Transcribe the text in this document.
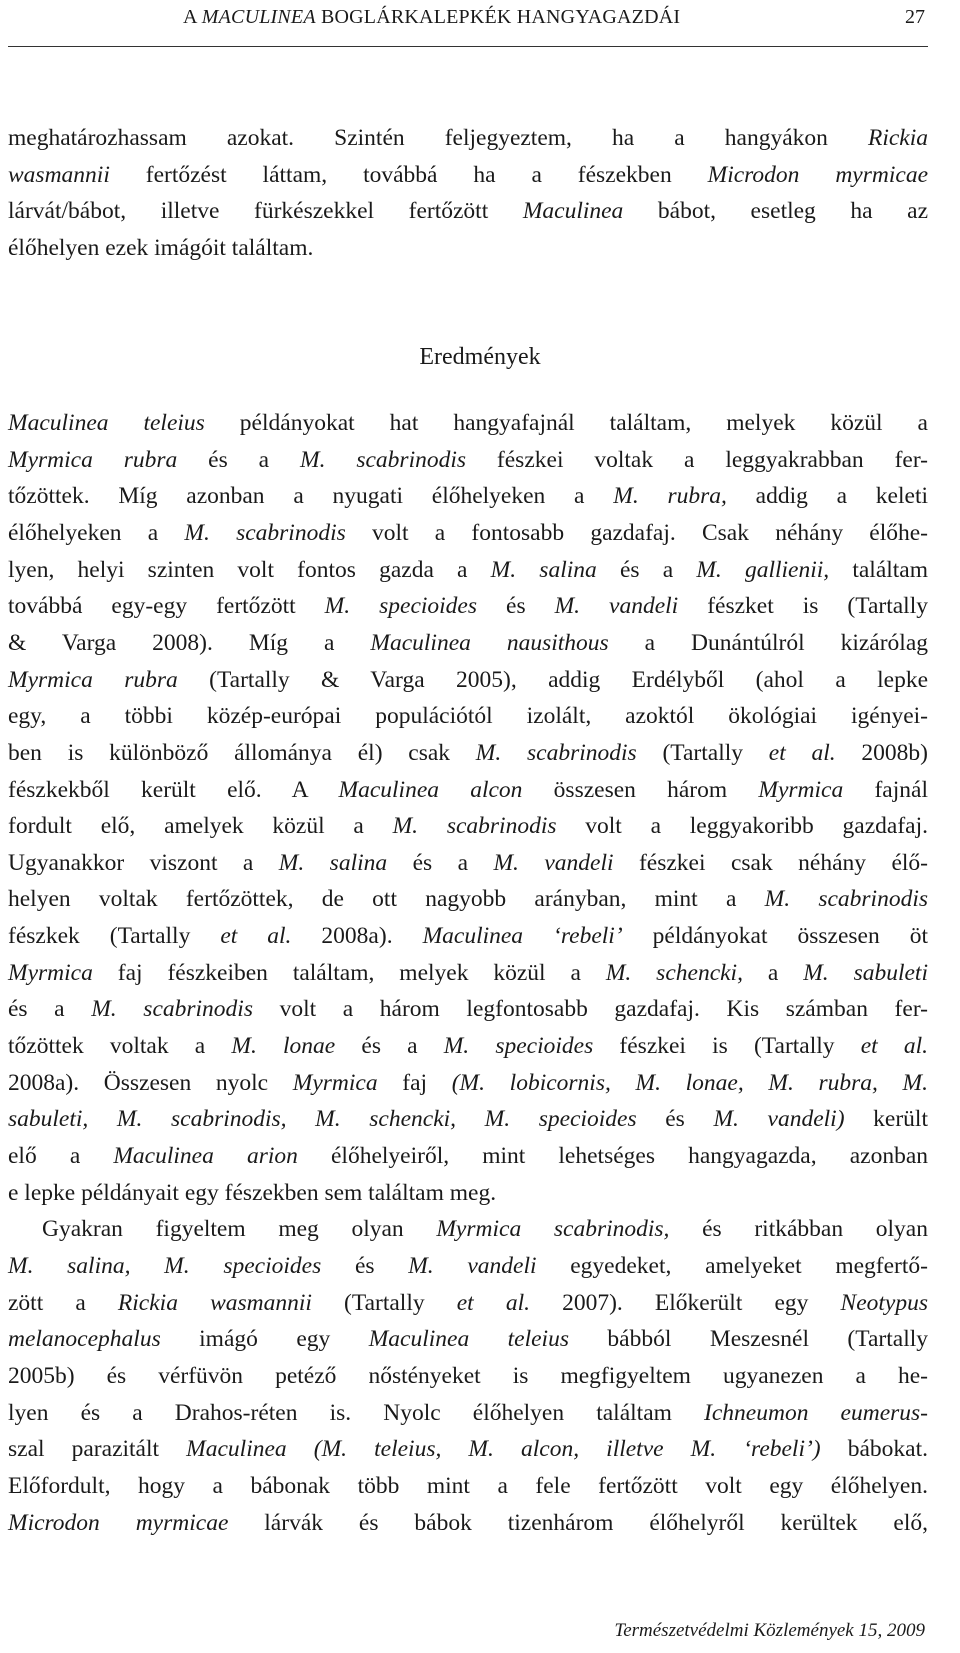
A MACULINEA BOGLÁRKALEPKÉK HANGYAGAZDÁI	27
meghatározhassam azokat. Szintén feljegyeztem, ha a hangyákon Rickia
wasmannii fertőzést láttam, továbbá ha a fészekben Microdon myrmicae
lárvát/bábot, illetve fürkészekkel fertőzött Maculinea bábot, esetleg ha az
élőhelyen ezek imágóit találtam.
Eredmények
Maculinea teleius példányokat hat hangyafajnál találtam, melyek közül a
Myrmica rubra és a M. scabrinodis fészkei voltak a leggyakrabban fer-
tőzöttek. Míg azonban a nyugati élőhelyeken a M. rubra, addig a keleti
élőhelyeken a M. scabrinodis volt a fontosabb gazdafaj. Csak néhány élőhe-
lyen, helyi szinten volt fontos gazda a M. salina és a M. gallienii, találtam
továbbá egy-egy fertőzött M. specioides és M. vandeli fészket is (Tartally
& Varga 2008). Míg a Maculinea nausithous a Dunántúlról kizárólag
Myrmica rubra (Tartally & Varga 2005), addig Erdélyből (ahol a lepke
egy, a többi közép-európai populációtól izolált, azoktól ökológiai igényei-
ben is különböző állománya él) csak M. scabrinodis (Tartally et al. 2008b)
fészkekből került elő. A Maculinea alcon összesen három Myrmica fajnál
fordult elő, amelyek közül a M. scabrinodis volt a leggyakoribb gazdafaj.
Ugyanakkor viszont a M. salina és a M. vandeli fészkei csak néhány élő-
helyen voltak fertőzöttek, de ott nagyobb arányban, mint a M. scabrinodis
fészkek (Tartally et al. 2008a). Maculinea ‘rebeli’ példányokat összesen öt
Myrmica faj fészkeiben találtam, melyek közül a M. schencki, a M. sabuleti
és a M. scabrinodis volt a három legfontosabb gazdafaj. Kis számban fer-
tőzöttek voltak a M. lonae és a M. specioides fészkei is (Tartally et al.
2008a). Összesen nyolc Myrmica faj (M. lobicornis, M. lonae, M. rubra, M.
sabuleti, M. scabrinodis, M. schencki, M. specioides és M. vandeli) került
elő a Maculinea arion élőhelyeiről, mint lehetséges hangyagazda, azonban
e lepke példányait egy fészekben sem találtam meg.
Gyakran figyeltem meg olyan Myrmica scabrinodis, és ritkábban olyan
M. salina, M. specioides és M. vandeli egyedeket, amelyeket megfertő-
zött a Rickia wasmannii (Tartally et al. 2007). Előkerült egy Neotypus
melanocephalus imágó egy Maculinea teleius bábból Meszesnél (Tartally
2005b) és vérfüvön petéző nőstényeket is megfigyeltem ugyanezen a he-
lyen és a Drahos-réten is. Nyolc élőhelyen találtam Ichneumon eumerus-
szal parazitált Maculinea (M. teleius, M. alcon, illetve M. ‘rebeli’) bábokat.
Előfordult, hogy a bábonak több mint a fele fertőzött volt egy élőhelyen.
Microdon myrmicae lárvák és bábok tizenhárom élőhelyről kerültek elő,
Természetvédelmi Közlemények 15, 2009
